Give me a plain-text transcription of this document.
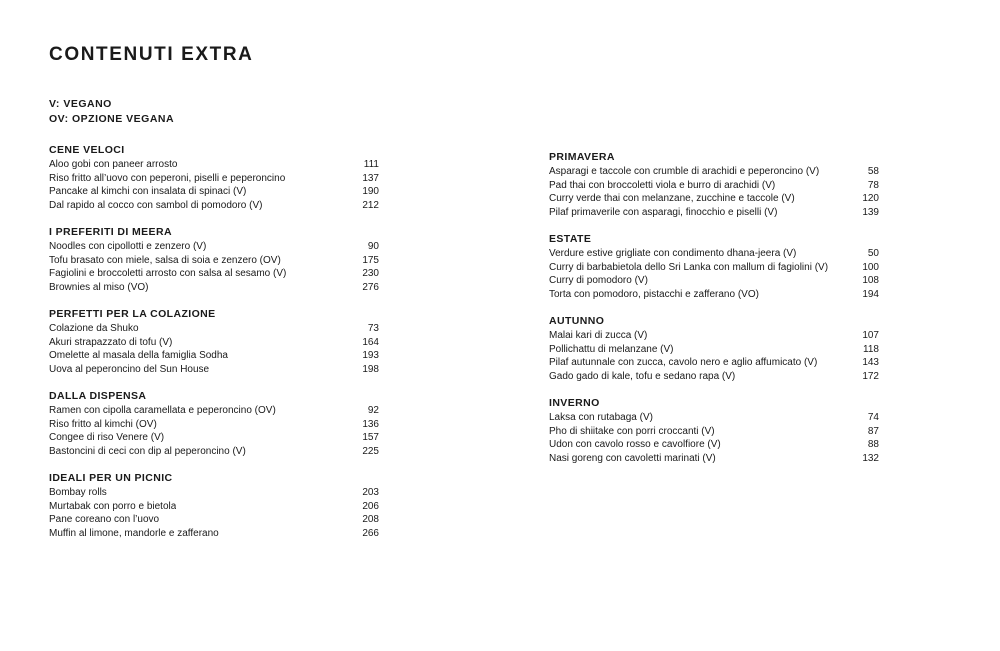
CONTENUTI EXTRA
V: VEGANO
OV: OPZIONE VEGANA
CENE VELOCI
Aloo gobi con paneer arrosto	111
Riso fritto all’uovo con peperoni, piselli e peperoncino	137
Pancake al kimchi con insalata di spinaci (V)	190
Dal rapido al cocco con sambol di pomodoro (V)	212
I PREFERITI DI MEERA
Noodles con cipollotti e zenzero (V)	90
Tofu brasato con miele, salsa di soia e zenzero (OV)	175
Fagiolini e broccoletti arrosto con salsa al sesamo (V)	230
Brownies al miso (VO)	276
PERFETTI PER LA COLAZIONE
Colazione da Shuko	73
Akuri strapazzato di tofu (V)	164
Omelette al masala della famiglia Sodha	193
Uova al peperoncino del Sun House	198
DALLA DISPENSA
Ramen con cipolla caramellata e peperoncino (OV)	92
Riso fritto al kimchi (OV)	136
Congee di riso Venere (V)	157
Bastoncini di ceci con dip al peperoncino (V)	225
IDEALI PER UN PICNIC
Bombay rolls	203
Murtabak con porro e bietola	206
Pane coreano con l’uovo	208
Muffin al limone, mandorle e zafferano	266
PRIMAVERA
Asparagi e taccole con crumble di arachidi e peperoncino (V)	58
Pad thai con broccoletti viola e burro di arachidi (V)	78
Curry verde thai con melanzane, zucchine e taccole (V)	120
Pilaf primaverile con asparagi, finocchio e piselli (V)	139
ESTATE
Verdure estive grigliate con condimento dhana-jeera (V)	50
Curry di barbabietola dello Sri Lanka con mallum di fagiolini (V)	100
Curry di pomodoro (V)	108
Torta con pomodoro, pistacchi e zafferano (VO)	194
AUTUNNO
Malai kari di zucca (V)	107
Pollichattu di melanzane (V)	118
Pilaf autunnale con zucca, cavolo nero e aglio affumicato (V)	143
Gado gado di kale, tofu e sedano rapa (V)	172
INVERNO
Laksa con rutabaga (V)	74
Pho di shiitake con porri croccanti (V)	87
Udon con cavolo rosso e cavolfiore (V)	88
Nasi goreng con cavoletti marinati (V)	132
